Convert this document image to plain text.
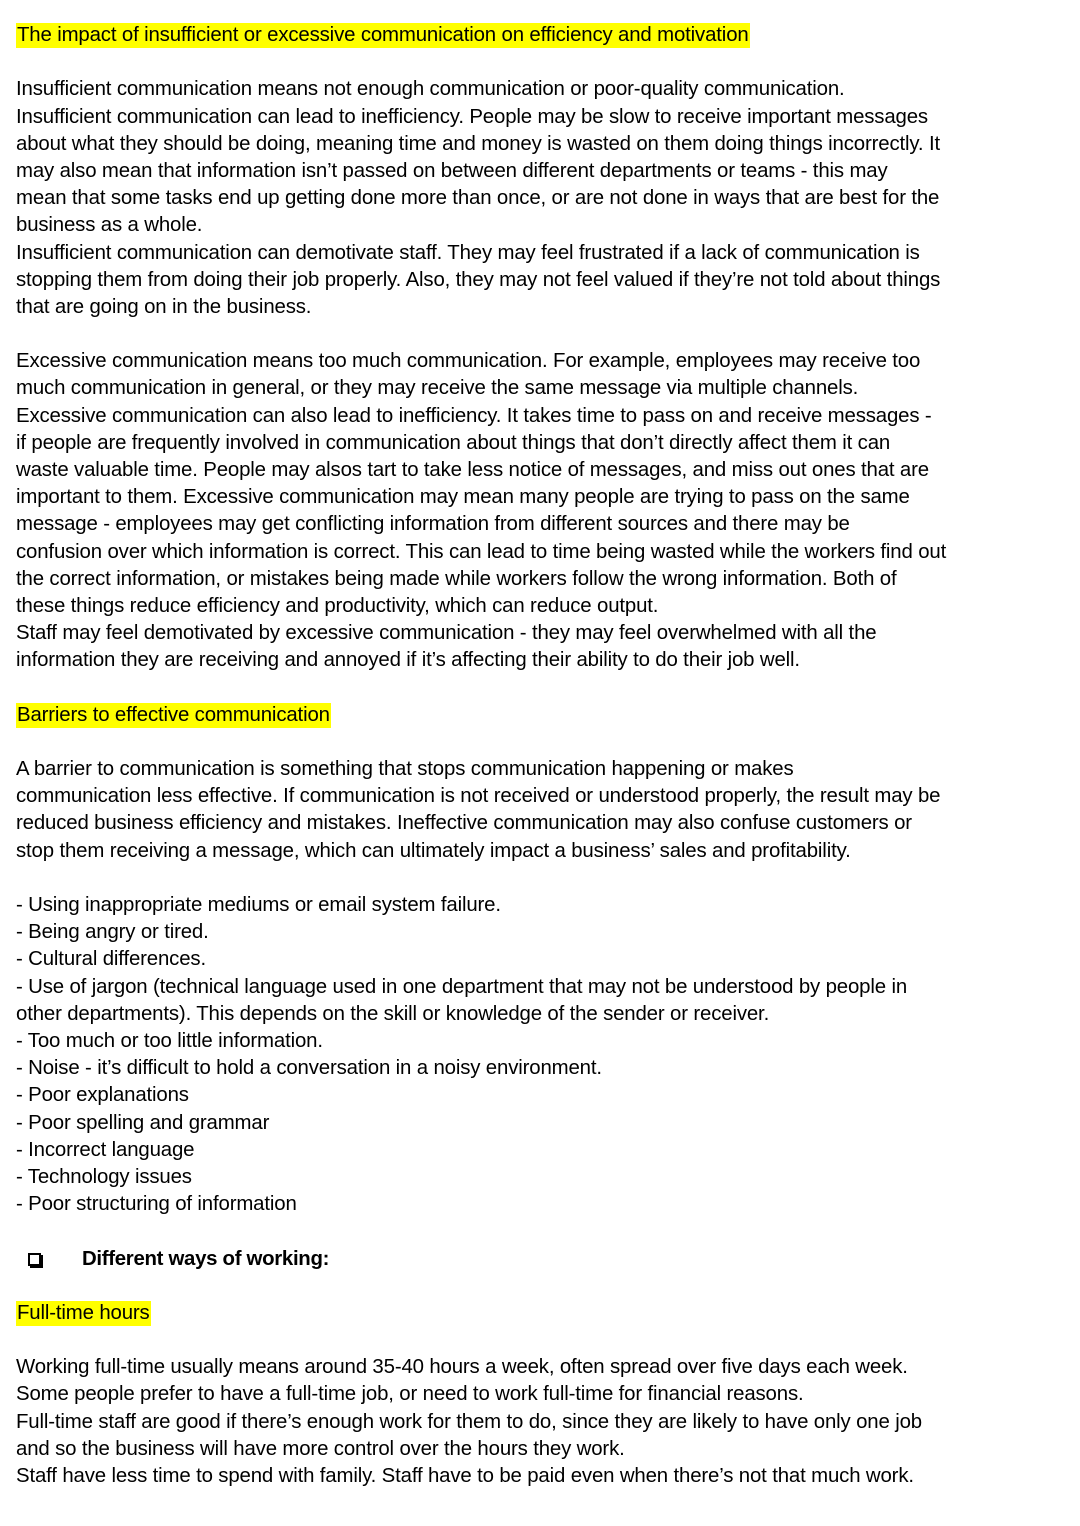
The impact of insufficient or excessive communication on efficiency and motivation
Insufficient communication means not enough communication or poor-quality communication.
Insufficient communication can lead to inefficiency. People may be slow to receive important messages
about what they should be doing, meaning time and money is wasted on them doing things incorrectly. It
may also mean that information isn’t passed on between different departments or teams - this may
mean that some tasks end up getting done more than once, or are not done in ways that are best for the
business as a whole.
Insufficient communication can demotivate staff. They may feel frustrated if a lack of communication is
stopping them from doing their job properly. Also, they may not feel valued if they’re not told about things
that are going on in the business.
Excessive communication means too much communication. For example, employees may receive too
much communication in general, or they may receive the same message via multiple channels.
Excessive communication can also lead to inefficiency. It takes time to pass on and receive messages -
if people are frequently involved in communication about things that don’t directly affect them it can
waste valuable time. People may alsos tart to take less notice of messages, and miss out ones that are
important to them. Excessive communication may mean many people are trying to pass on the same
message - employees may get conflicting information from different sources and there may be
confusion over which information is correct. This can lead to time being wasted while the workers find out
the correct information, or mistakes being made while workers follow the wrong information. Both of
these things reduce efficiency and productivity, which can reduce output.
Staff may feel demotivated by excessive communication - they may feel overwhelmed with all the
information they are receiving and annoyed if it’s affecting their ability to do their job well.
Barriers to effective communication
A barrier to communication is something that stops communication happening or makes
communication less effective. If communication is not received or understood properly, the result may be
reduced business efficiency and mistakes. Ineffective communication may also confuse customers or
stop them receiving a message, which can ultimately impact a business’ sales and profitability.
- Using inappropriate mediums or email system failure.
- Being angry or tired.
- Cultural differences.
- Use of jargon (technical language used in one department that may not be understood by people in
other departments). This depends on the skill or knowledge of the sender or receiver.
- Too much or too little information.
- Noise - it’s difficult to hold a conversation in a noisy environment.
- Poor explanations
- Poor spelling and grammar
- Incorrect language
- Technology issues
- Poor structuring of information
Different ways of working:
Full-time hours
Working full-time usually means around 35-40 hours a week, often spread over five days each week.
Some people prefer to have a full-time job, or need to work full-time for financial reasons.
Full-time staff are good if there’s enough work for them to do, since they are likely to have only one job
and so the business will have more control over the hours they work.
Staff have less time to spend with family. Staff have to be paid even when there’s not that much work.
